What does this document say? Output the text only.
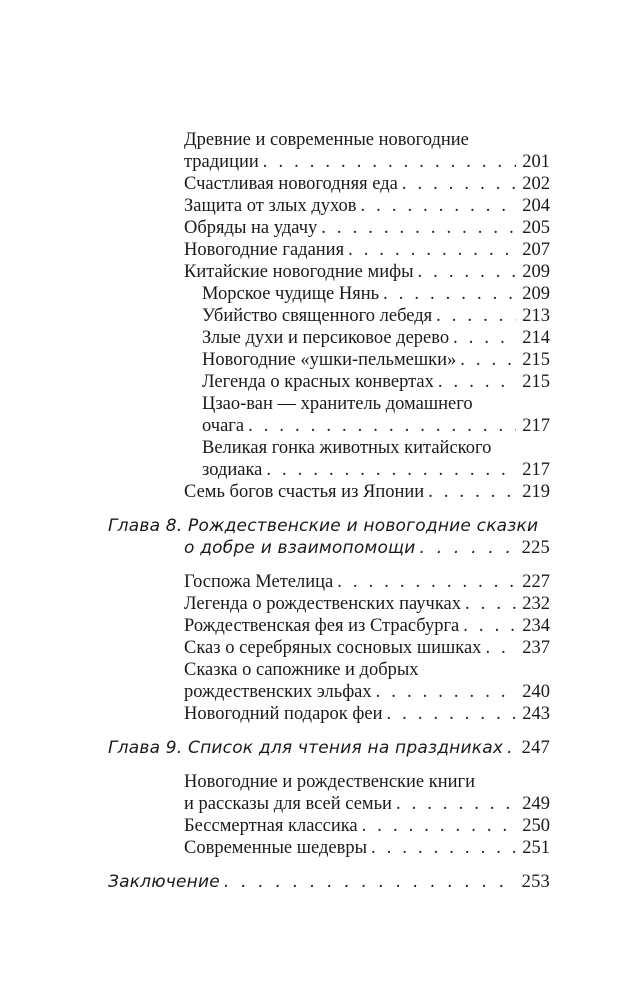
Древние и современные новогодние
традиции . . .	201
Счастливая новогодняя еда . . .	202
Защита от злых духов . . .	204
Обряды на удачу . . .	205
Новогодние гадания . . .	207
Китайские новогодние мифы . . .	209
Морское чудище Нянь . . .	209
Убийство священного лебедя . . .	213
Злые духи и персиковое дерево . . .	214
Новогодние «ушки-пельмешки» . . .	215
Легенда о красных конвертах . . .	215
Цзао-ван — хранитель домашнего
очага . . .	217
Великая гонка животных китайского
зодиака . . .	217
Семь богов счастья из Японии . . .	219
Глава 8. Рождественские и новогодние сказки
о добре и взаимопомощи . . .	225
Госпожа Метелица . . .	227
Легенда о рождественских паучках . . .	232
Рождественская фея из Страсбурга . . .	234
Сказ о серебряных сосновых шишках . . . 237
Сказка о сапожнике и добрых
рождественских эльфах . . .	240
Новогодний подарок феи . . .	243
Глава 9. Список для чтения на праздниках . . . 247
Новогодние и рождественские книги
и рассказы для всей семьи . . .	249
Бессмертная классика . . .	250
Современные шедевры . . .	251
Заключение . . .	253
